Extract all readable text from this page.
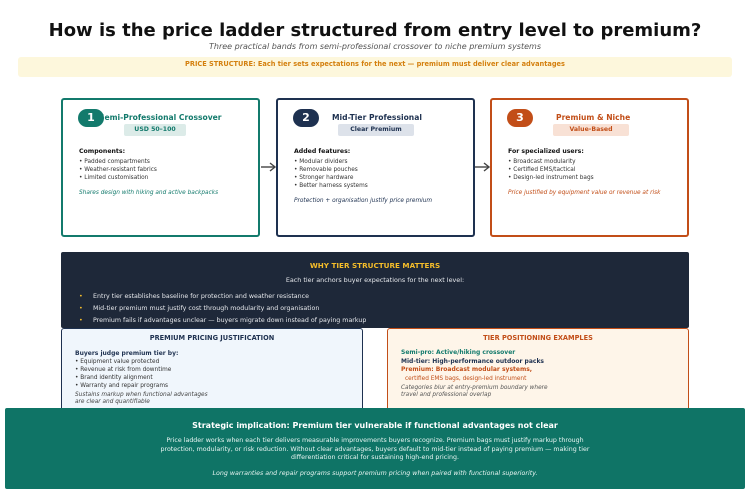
How is the price ladder structured from entry level to premium?
Three practical bands from semi-professional crossover to niche premium systems
PRICE STRUCTURE: Each tier sets expectations for the next — premium must deliver clear advantages
1 Semi-Professional Crossover
USD 50–100
Components:
• Padded compartments
• Weather-resistant fabrics
• Limited customisation
Shares design with hiking and active backpacks
2	Mid-Tier Professional
Clear Premium
Added features:
• Modular dividers
• Removable pouches
• Stronger hardware
• Better harness systems
Protection + organisation justify price premium
3	Premium & Niche
Value-Based
For specialized users:
• Broadcast modularity
• Certified EMS/tactical
• Design-led instrument bags
Price justified by equipment value or revenue at risk
WHY TIER STRUCTURE MATTERS
Each tier anchors buyer expectations for the next level:
• Entry tier establishes baseline for protection and weather resistance
• Mid-tier premium must justify cost through modularity and organisation
• Premium fails if advantages unclear — buyers migrate down instead of paying markup
PREMIUM PRICING JUSTIFICATION
Buyers judge premium tier by:
• Equipment value protected
• Revenue at risk from downtime
• Brand identity alignment
• Warranty and repair programs
Sustains markup when functional advantages are clear and quantifiable
TIER POSITIONING EXAMPLES
Semi-pro: Active/hiking crossover
Mid-tier: High-performance outdoor packs
Premium: Broadcast modular systems,
certified EMS bags, design-led instrument
Categories blur at entry-premium boundary where travel and professional overlap
Strategic implication: Premium tier vulnerable if functional advantages not clear
Price ladder works when each tier delivers measurable improvements buyers recognize. Premium bags must justify markup through protection, modularity, or risk reduction. Without clear advantages, buyers default to mid-tier instead of paying premium — making tier differentiation critical for sustaining high-end pricing.
Long warranties and repair programs support premium pricing when paired with functional superiority.
